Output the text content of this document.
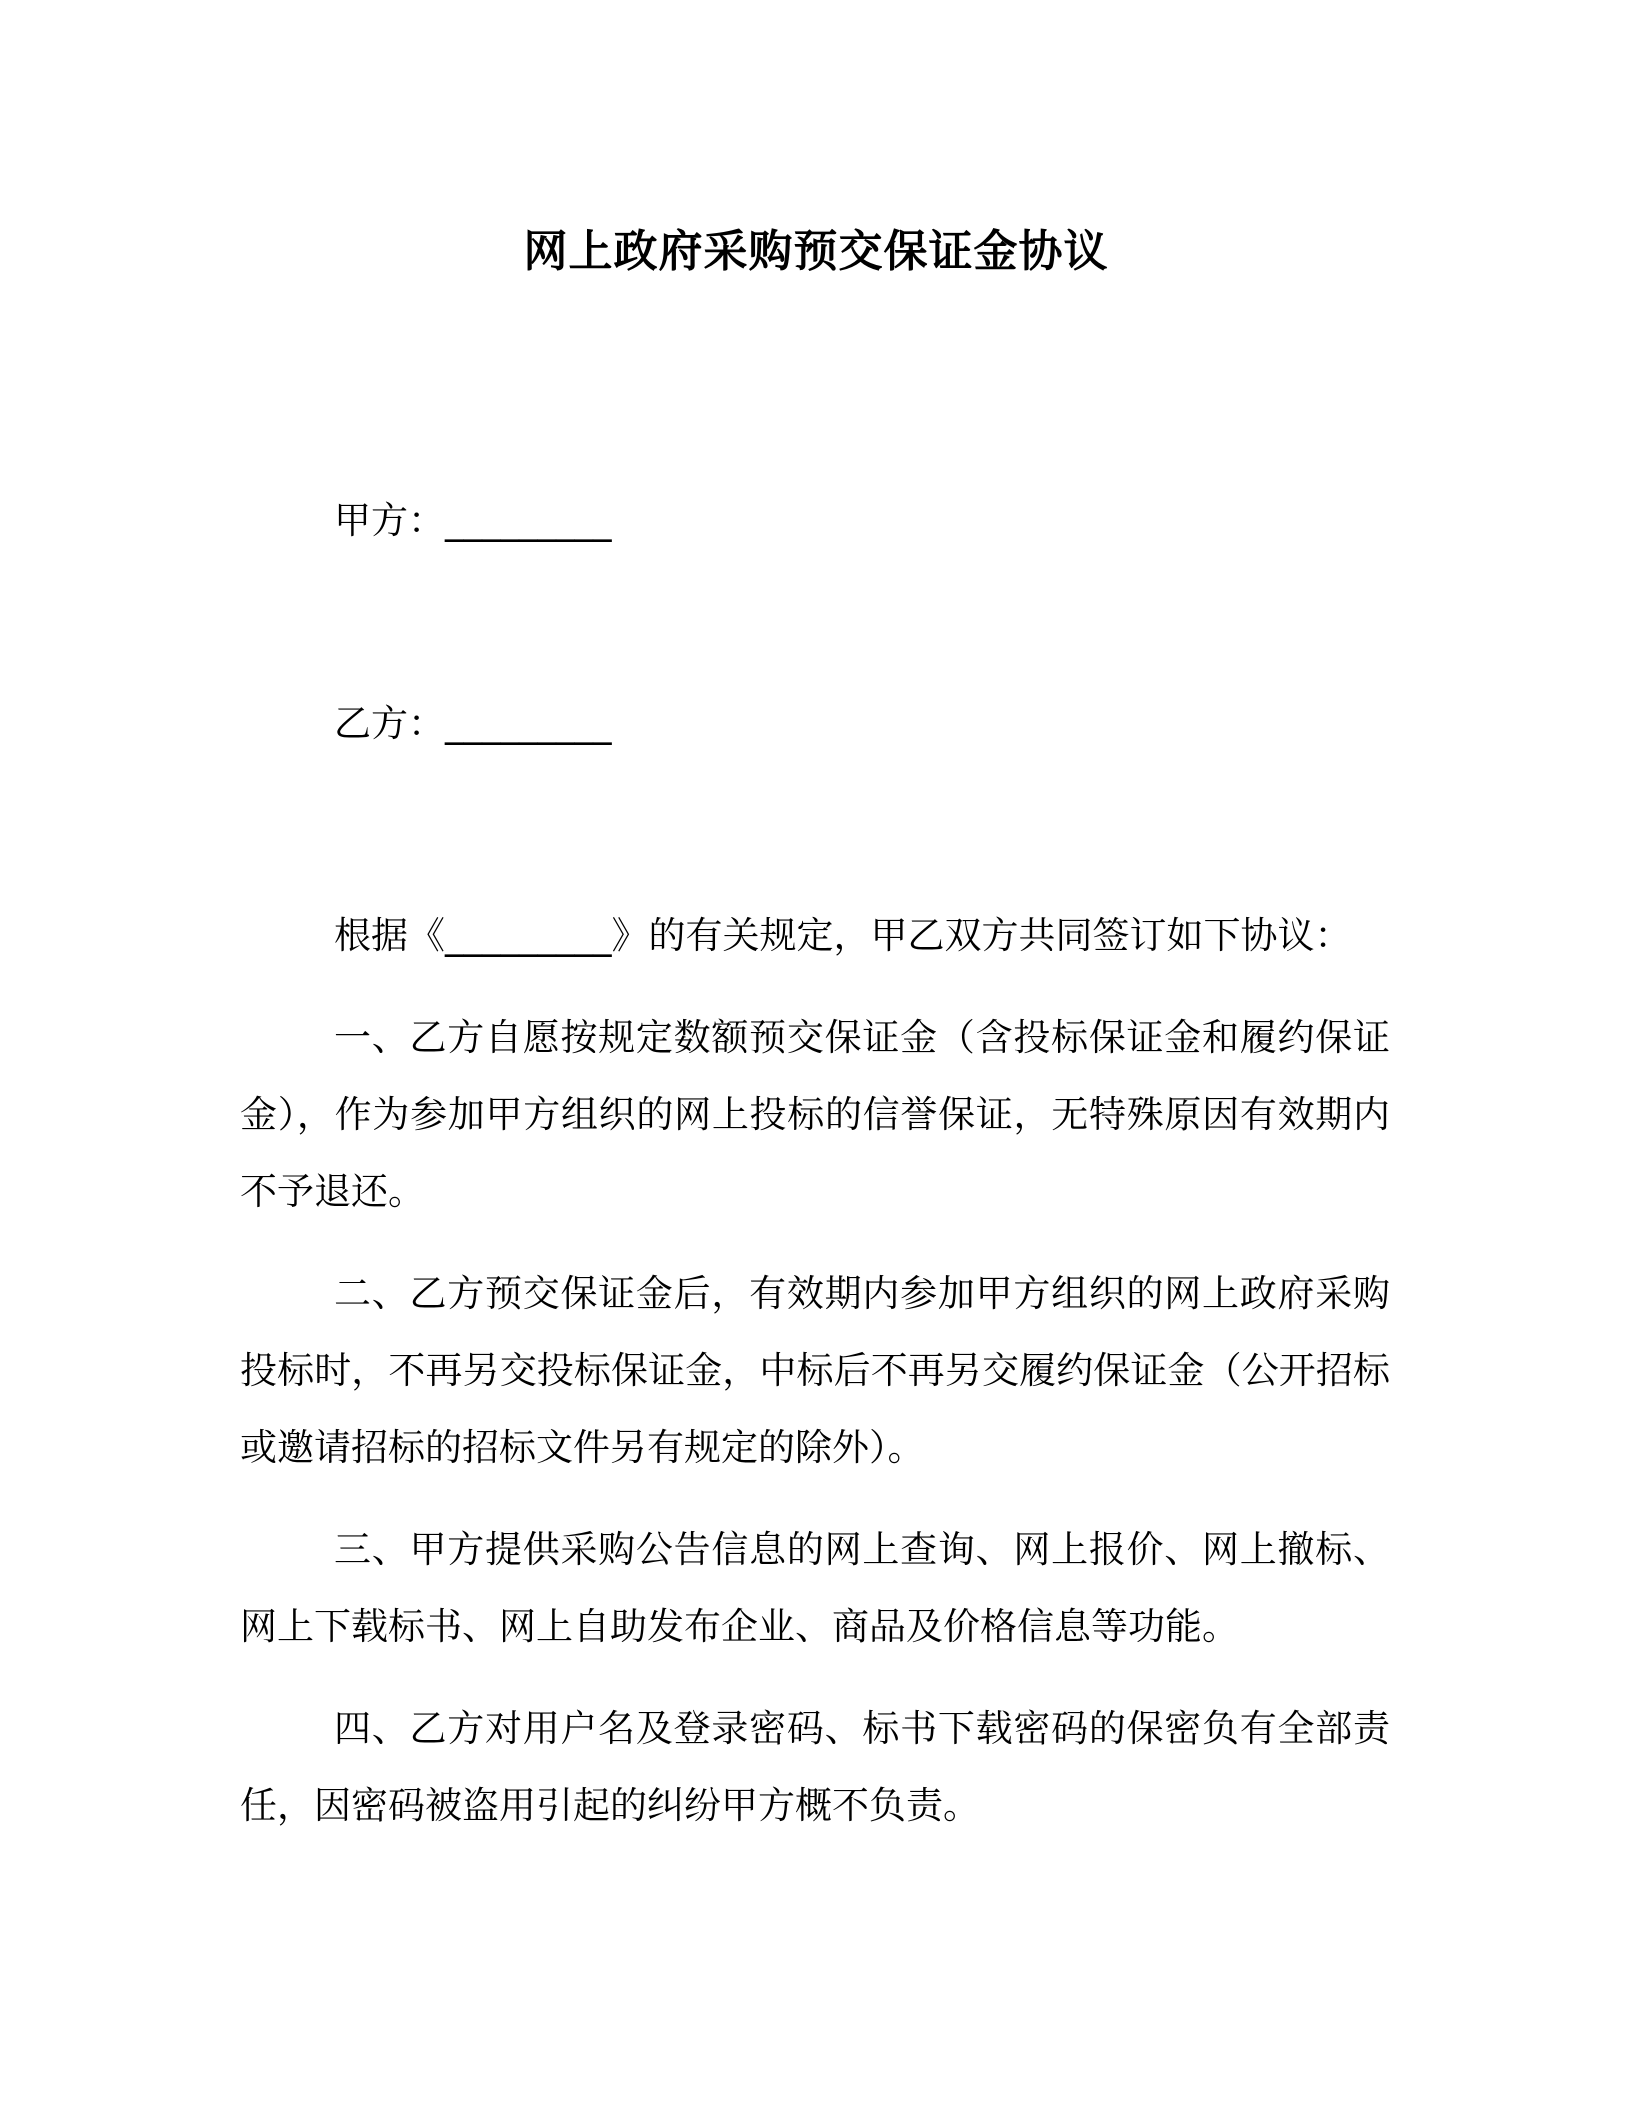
网上政府采购预交保证金协议
甲方：_________
乙方：_________

根据《_________》的有关规定，甲乙双方共同签订如下协议：

一、乙方自愿按规定数额预交保证金（含投标保证金和履约保证金），作为参加甲方组织的网上投标的信誉保证，无特殊原因有效期内不予退还。

二、乙方预交保证金后，有效期内参加甲方组织的网上政府采购投标时，不再另交投标保证金，中标后不再另交履约保证金（公开招标或邀请招标的招标文件另有规定的除外）。

三、甲方提供采购公告信息的网上查询、网上报价、网上撤标、网上下载标书、网上自助发布企业、商品及价格信息等功能。

四、乙方对用户名及登录密码、标书下载密码的保密负有全部责任，因密码被盗用引起的纠纷甲方概不负责。
